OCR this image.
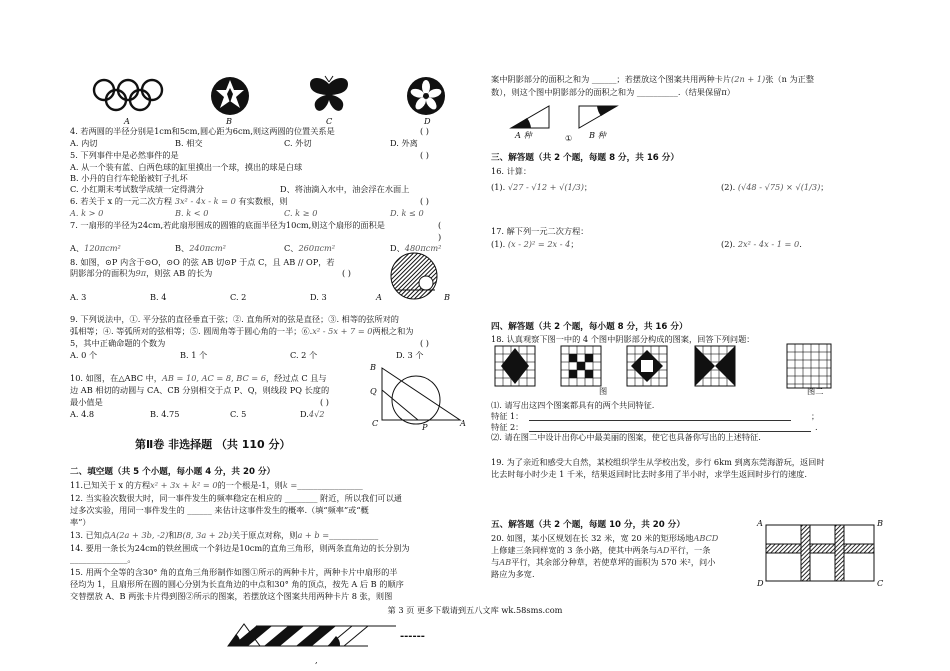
A	B	C	D
4. 若两圆的半径分别是1cm和5cm,圆心距为6cm,则这两圆的位置关系是	( )
A. 内切	B. 相交	C. 外切	D. 外离
5. 下列事件中是必然事件的是	( )
A. 从一个装有蓝、白两色球的缸里摸出一个球，摸出的球是白球
B. 小丹的自行车轮胎被钉子扎坏
C. 小红期末考试数学成绩一定得满分	D、将油滴入水中，油会浮在水面上
6. 若关于 x 的一元二次方程 3x² - 4x - k = 0 有实数根，则	( )
A. k > 0	B. k < 0	C. k ≥ 0	D. k ≤ 0
7. 一扇形的半径为24cm,若此扇形围成的圆锥的底面半径为10cm,则这个扇形的面积是	(
)
A、120πcm²	B、240πcm²	C、260πcm²	D、480πcm²
8. 如图，⊙P 内含于⊙O，⊙O 的弦 AB 切⊙P 于点 C，且 AB // OP，若
阴影部分的面积为9π，则弦 AB 的长为	( )
A	B
A. 3	B. 4	C. 2	D. 3
9. 下列说法中，①. 平分弦的直径垂直于弦；②. 直角所对的弦是直径；③. 相等的弦所对的
弧相等；④. 等弧所对的弦相等；⑤. 圆周角等于圆心角的一半；⑥.x² - 5x + 7 = 0两根之和为
5，其中正确命题的个数为	( )
A. 0 个	B. 1 个	C. 2 个	D. 3 个
10. 如图，在△ABC 中，AB = 10, AC = 8, BC = 6，经过点 C 且与
边 AB 相切的动圆与 CA、CB 分别相交于点 P、Q，则线段 PQ 长度的
最小值是	( )
A. 4.8	B. 4.75	C. 5	D.4√2
B
Q
C	P	A
第Ⅱ卷 非选择题 （共 110 分）
二、填空题（共 5 个小题，每小题 4 分，共 20 分）
11.已知关于 x 的方程x² + 3x + k² = 0的一个根是-1，则k =________________
12. 当实验次数很大时，同一事件发生的频率稳定在相应的 ________ 附近，所以我们可以通
过多次实验，用同一事件发生的 ______ 来估计这事件发生的概率.（填“频率”或“概
率”）
13. 已知点A(2a + 3b, -2)和B(8, 3a + 2b)关于原点对称，则a + b =____________
14. 要用一条长为24cm的铁丝围成一个斜边是10cm的直角三角形，则两条直角边的长分别为
______________。
15. 用两个全等的含30° 角的直角三角形制作如图①所示的两种卡片，两种卡片中扇形的半
径均为 1，且扇形所在圆的圆心分别为长直角边的中点和30° 角的顶点，按先 A 后 B 的顺序
交替摆放 A、B 两张卡片得到图②所示的图案，若摆放这个图案共用两种卡片 8 张，则图
案中阴影部分的面积之和为 ______；若摆放这个图案共用两种卡片(2n + 1)张（n 为正整
数），则这个图中阴影部分的面积之和为 __________.（结果保留π）
A 种	① B 种
三、解答题（共 2 个题，每题 8 分，共 16 分）
16. 计算：
(1). √27 - √12 + √(1/3)；	(2). (√48 - √75) × √(1/3)；
17. 解下列一元二次方程：
(1). (x - 2)² = 2x - 4；	(2). 2x² - 4x - 1 = 0.
四、解答题（共 2 个题，每小题 8 分，共 16 分）
18. 认真观察下图一中的 4 个图中阴影部分构成的图案，回答下列问题：
图	图二
⑴. 请写出这四个图案都具有的两个共同特征.
特征 1：	；
特征 2：	.
⑵. 请在图二中设计出你心中最美丽的图案，使它也具备你写出的上述特征.
19. 为了亲近和感受大自然，某校组织学生从学校出发，步行 6km 到离东莞海游玩，返回时
比去时每小时少走 1 千米，结果返回时比去时多用了半小时，求学生返回时步行的速度.
五、解答题（共 2 个题，每题 10 分，共 20 分）
20. 如图，某小区规划在长 32 米，宽 20 米的矩形场地ABCD
上修建三条同样宽的 3 条小路，使其中两条与AD平行，一条
与AB平行，其余部分种草，若使草坪的面积为 570 米²，问小
路应为多宽.
A	B
D	C
第 3 页 更多下载请到五八文库 wk.58sms.com
------
,
